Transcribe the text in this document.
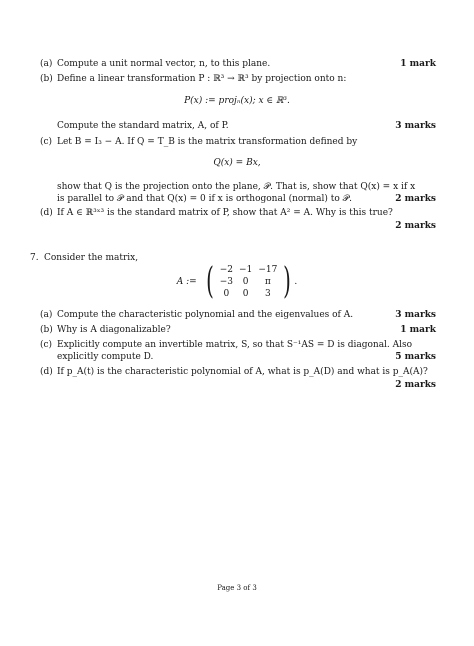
(a) Compute a unit normal vector, n, to this plane.	1 mark
(b) Define a linear transformation P : ℝ³ → ℝ³ by projection onto n:
P(x) := projₙ(x); x ∈ ℝ³.
Compute the standard matrix, A, of P.	3 marks
(c) Let B = I₃ − A. If Q = T_B is the matrix transformation defined by
Q(x) = Bx,
show that Q is the projection onto the plane, 𝒫. That is, show that Q(x) = x if x
is parallel to 𝒫 and that Q(x) = 0 if x is orthogonal (normal) to 𝒫.	2 marks
(d) If A ∈ ℝ³ˣ³ is the standard matrix of P, show that A² = A. Why is this true?
2 marks
7. Consider the matrix,
A := ( −2	−1	−17
−3	0	π
0	0	3 ) .
(a) Compute the characteristic polynomial and the eigenvalues of A.	3 marks
(b) Why is A diagonalizable?	1 mark
(c) Explicitly compute an invertible matrix, S, so that S⁻¹AS = D is diagonal. Also
explicitly compute D.	5 marks
(d) If p_A(t) is the characteristic polynomial of A, what is p_A(D) and what is p_A(A)?
2 marks
Page 3 of 3
